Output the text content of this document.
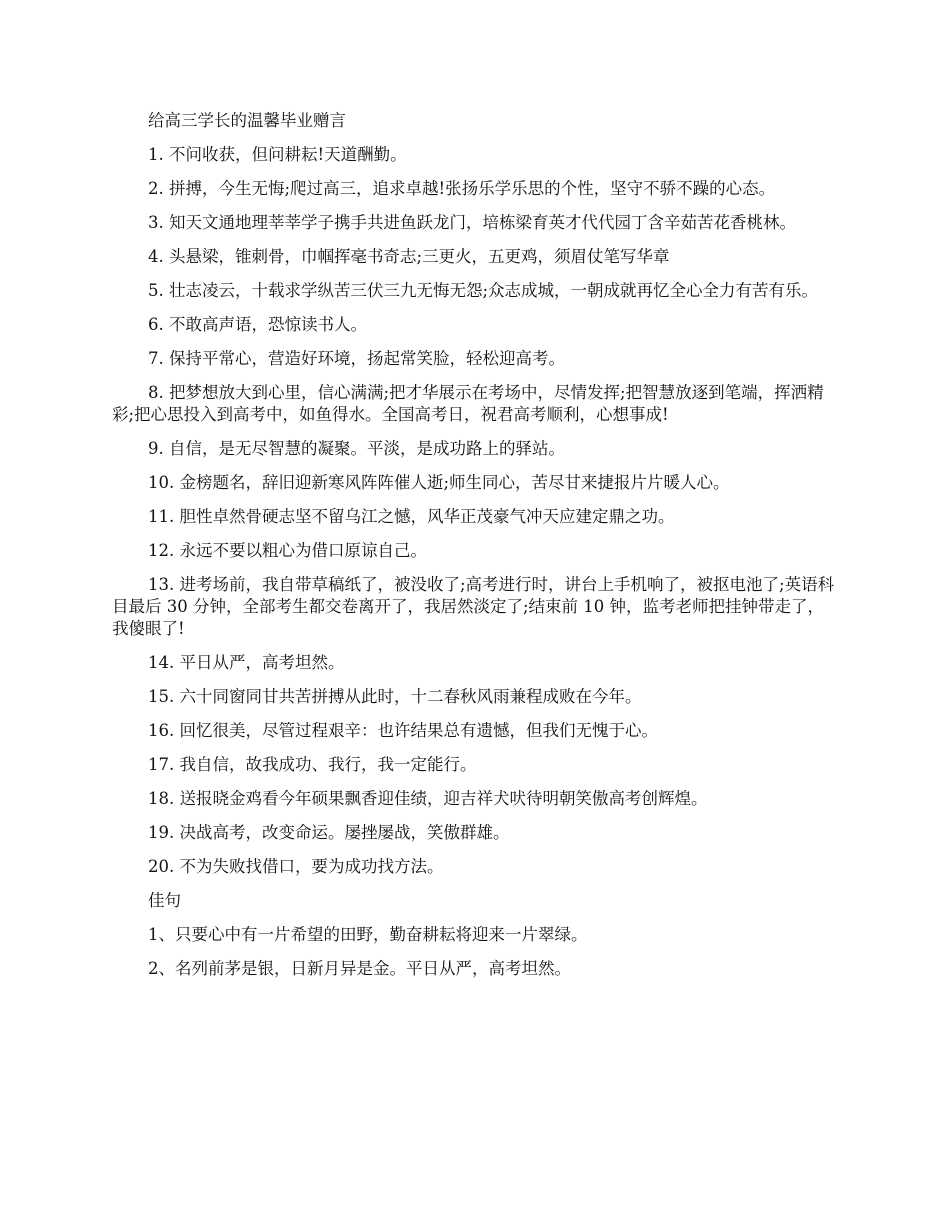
给高三学长的温馨毕业赠言

1. 不问收获，但问耕耘!天道酬勤。

2. 拼搏，今生无悔;爬过高三，追求卓越!张扬乐学乐思的个性，坚守不骄不躁的心态。

3. 知天文通地理莘莘学子携手共进鱼跃龙门，培栋梁育英才代代园丁含辛茹苦花香桃林。

4. 头悬梁，锥刺骨，巾帼挥毫书奇志;三更火，五更鸡，须眉仗笔写华章

5. 壮志凌云，十载求学纵苦三伏三九无悔无怨;众志成城，一朝成就再忆全心全力有苦有乐。

6. 不敢高声语，恐惊读书人。

7. 保持平常心，营造好环境，扬起常笑脸，轻松迎高考。

8. 把梦想放大到心里，信心满满;把才华展示在考场中，尽情发挥;把智慧放逐到笔端，挥洒精彩;把心思投入到高考中，如鱼得水。全国高考日，祝君高考顺利，心想事成!

9. 自信，是无尽智慧的凝聚。平淡，是成功路上的驿站。

10. 金榜题名，辞旧迎新寒风阵阵催人逝;师生同心，苦尽甘来捷报片片暖人心。

11. 胆性卓然骨硬志坚不留乌江之憾，风华正茂豪气冲天应建定鼎之功。

12. 永远不要以粗心为借口原谅自己。

13. 进考场前，我自带草稿纸了，被没收了;高考进行时，讲台上手机响了，被抠电池了;英语科目最后 30 分钟，全部考生都交卷离开了，我居然淡定了;结束前 10 钟，监考老师把挂钟带走了，我傻眼了!

14. 平日从严，高考坦然。

15. 六十同窗同甘共苦拼搏从此时，十二春秋风雨兼程成败在今年。

16. 回忆很美，尽管过程艰辛：也许结果总有遗憾，但我们无愧于心。

17. 我自信，故我成功、我行，我一定能行。

18. 送报晓金鸡看今年硕果飘香迎佳绩，迎吉祥犬吠待明朝笑傲高考创辉煌。

19. 决战高考，改变命运。屡挫屡战，笑傲群雄。

20. 不为失败找借口，要为成功找方法。

佳句

1、只要心中有一片希望的田野，勤奋耕耘将迎来一片翠绿。

2、名列前茅是银，日新月异是金。平日从严，高考坦然。
